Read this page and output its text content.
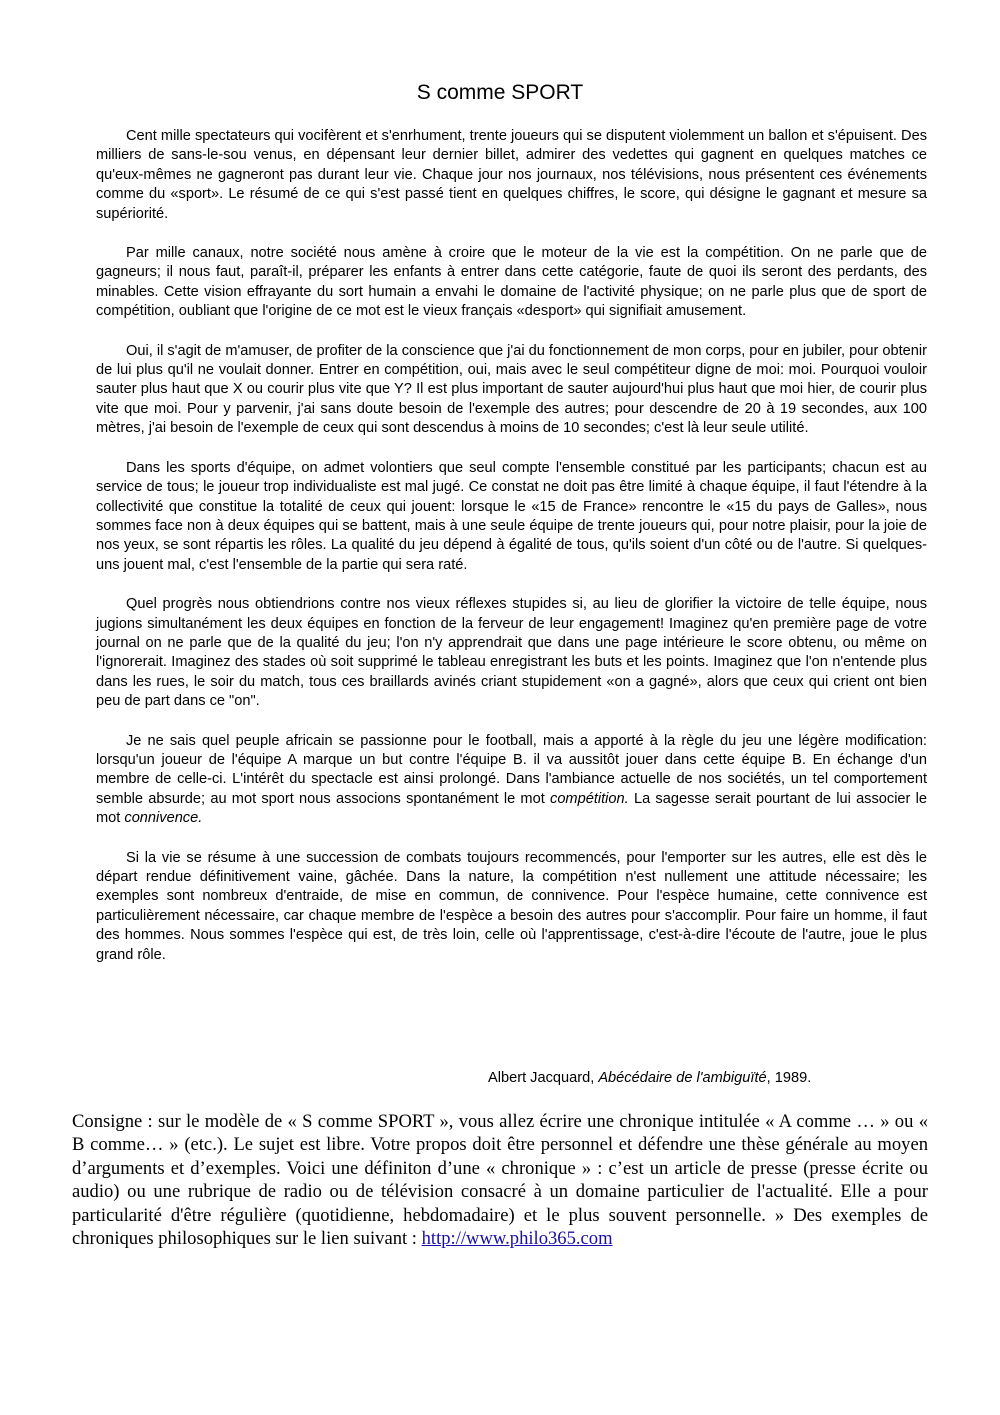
S comme SPORT

Cent mille spectateurs qui vocifèrent et s'enrhument, trente joueurs qui se disputent violemment un ballon et s'épuisent. Des milliers de sans-le-sou venus, en dépensant leur dernier billet, admirer des vedettes qui gagnent en quelques matches ce qu'eux-mêmes ne gagneront pas durant leur vie. Chaque jour nos journaux, nos télévisions, nous présentent ces événements comme du «sport». Le résumé de ce qui s'est passé tient en quelques chiffres, le score, qui désigne le gagnant et mesure sa supériorité.

Par mille canaux, notre société nous amène à croire que le moteur de la vie est la compétition. On ne parle que de gagneurs; il nous faut, paraît-il, préparer les enfants à entrer dans cette catégorie, faute de quoi ils seront des perdants, des minables. Cette vision effrayante du sort humain a envahi le domaine de l'activité physique; on ne parle plus que de sport de compétition, oubliant que l'origine de ce mot est le vieux français «desport» qui signifiait amusement.

Oui, il s'agit de m'amuser, de profiter de la conscience que j'ai du fonctionnement de mon corps, pour en jubiler, pour obtenir de lui plus qu'il ne voulait donner. Entrer en compétition, oui, mais avec le seul compétiteur digne de moi: moi. Pourquoi vouloir sauter plus haut que X ou courir plus vite que Y? Il est plus important de sauter aujourd'hui plus haut que moi hier, de courir plus vite que moi. Pour y parvenir, j'ai sans doute besoin de l'exemple des autres; pour descendre de 20 à 19 secondes, aux 100 mètres, j'ai besoin de l'exemple de ceux qui sont descendus à moins de 10 secondes; c'est là leur seule utilité.

Dans les sports d'équipe, on admet volontiers que seul compte l'ensemble constitué par les participants; chacun est au service de tous; le joueur trop individualiste est mal jugé. Ce constat ne doit pas être limité à chaque équipe, il faut l'étendre à la collectivité que constitue la totalité de ceux qui jouent: lorsque le «15 de France» rencontre le «15 du pays de Galles», nous sommes face non à deux équipes qui se battent, mais à une seule équipe de trente joueurs qui, pour notre plaisir, pour la joie de nos yeux, se sont répartis les rôles. La qualité du jeu dépend à égalité de tous, qu'ils soient d'un côté ou de l'autre. Si quelques-uns jouent mal, c'est l'ensemble de la partie qui sera raté.

Quel progrès nous obtiendrions contre nos vieux réflexes stupides si, au lieu de glorifier la victoire de telle équipe, nous jugions simultanément les deux équipes en fonction de la ferveur de leur engagement! Imaginez qu'en première page de votre journal on ne parle que de la qualité du jeu; l'on n'y apprendrait que dans une page intérieure le score obtenu, ou même on l'ignorerait. Imaginez des stades où soit supprimé le tableau enregistrant les buts et les points. Imaginez que l'on n'entende plus dans les rues, le soir du match, tous ces braillards avinés criant stupidement «on a gagné», alors que ceux qui crient ont bien peu de part dans ce "on".

Je ne sais quel peuple africain se passionne pour le football, mais a apporté à la règle du jeu une légère modification: lorsqu'un joueur de l'équipe A marque un but contre l'équipe B. il va aussitôt jouer dans cette équipe B. En échange d'un membre de celle-ci. L'intérêt du spectacle est ainsi prolongé. Dans l'ambiance actuelle de nos sociétés, un tel comportement semble absurde; au mot sport nous associons spontanément le mot compétition. La sagesse serait pourtant de lui associer le mot connivence.

Si la vie se résume à une succession de combats toujours recommencés, pour l'emporter sur les autres, elle est dès le départ rendue définitivement vaine, gâchée. Dans la nature, la compétition n'est nullement une attitude nécessaire; les exemples sont nombreux d'entraide, de mise en commun, de connivence. Pour l'espèce humaine, cette connivence est particulièrement nécessaire, car chaque membre de l'espèce a besoin des autres pour s'accomplir. Pour faire un homme, il faut des hommes. Nous sommes l'espèce qui est, de très loin, celle où l'apprentissage, c'est-à-dire l'écoute de l'autre, joue le plus grand rôle.

Albert Jacquard, Abécédaire de l'ambiguïté, 1989.

Consigne : sur le modèle de « S comme SPORT », vous allez écrire une chronique intitulée « A comme … » ou « B comme… » (etc.). Le sujet est libre. Votre propos doit être personnel et défendre une thèse générale au moyen d’arguments et d’exemples. Voici une définiton d’une « chronique » : c’est un article de presse (presse écrite ou audio) ou une rubrique de radio ou de télévision consacré à un domaine particulier de l'actualité. Elle a pour particularité d'être régulière (quotidienne, hebdomadaire) et le plus souvent personnelle. » Des exemples de chroniques philosophiques sur le lien suivant : http://www.philo365.com
